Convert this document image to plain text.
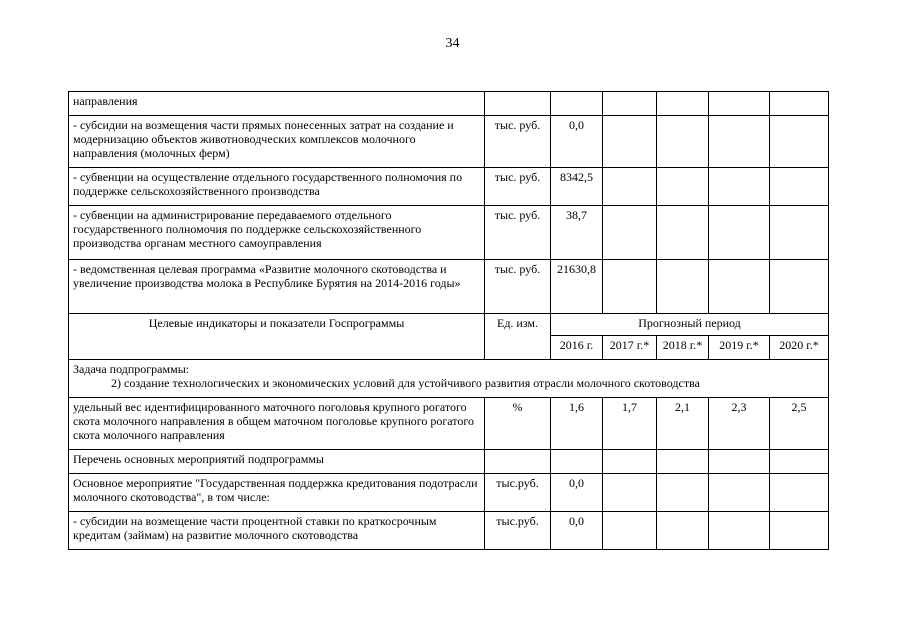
34
направления						
- субсидии на возмещения части прямых понесенных затрат на создание и модернизацию объектов животноводческих комплексов молочного направления (молочных ферм)	тыс. руб.	0,0				
- субвенции на осуществление отдельного государственного полномочия по поддержке сельскохозяйственного производства	тыс. руб.	8342,5				
- субвенции на администрирование передаваемого отдельного государственного полномочия по поддержке сельскохозяйственного производства органам местного самоуправления	тыс. руб.	38,7				
- ведомственная целевая программа «Развитие молочного скотоводства и увеличение производства молока в Республике Бурятия на 2014-2016 годы»	тыс. руб.	21630,8				
Целевые индикаторы и показатели Госпрограммы	Ед. изм.	Прогнозный период				
		2016 г.	2017 г.*	2018 г.*	2019 г.*	2020 г.*

Задача подпрограммы:
2) создание технологических и экономических условий для устойчивого развития отрасли молочного скотоводства						

удельный вес идентифицированного маточного поголовья крупного рогатого скота молочного направления в общем маточном поголовье крупного рогатого скота молочного направления	%	1,6	1,7	2,1	2,3	2,5
Перечень основных мероприятий подпрограммы						
Основное мероприятие "Государственная поддержка кредитования подотрасли молочного скотоводства", в том числе:	тыс.руб.	0,0				
- субсидии на возмещение части процентной ставки по краткосрочным кредитам (займам) на развитие молочного скотоводства	тыс.руб.	0,0				
